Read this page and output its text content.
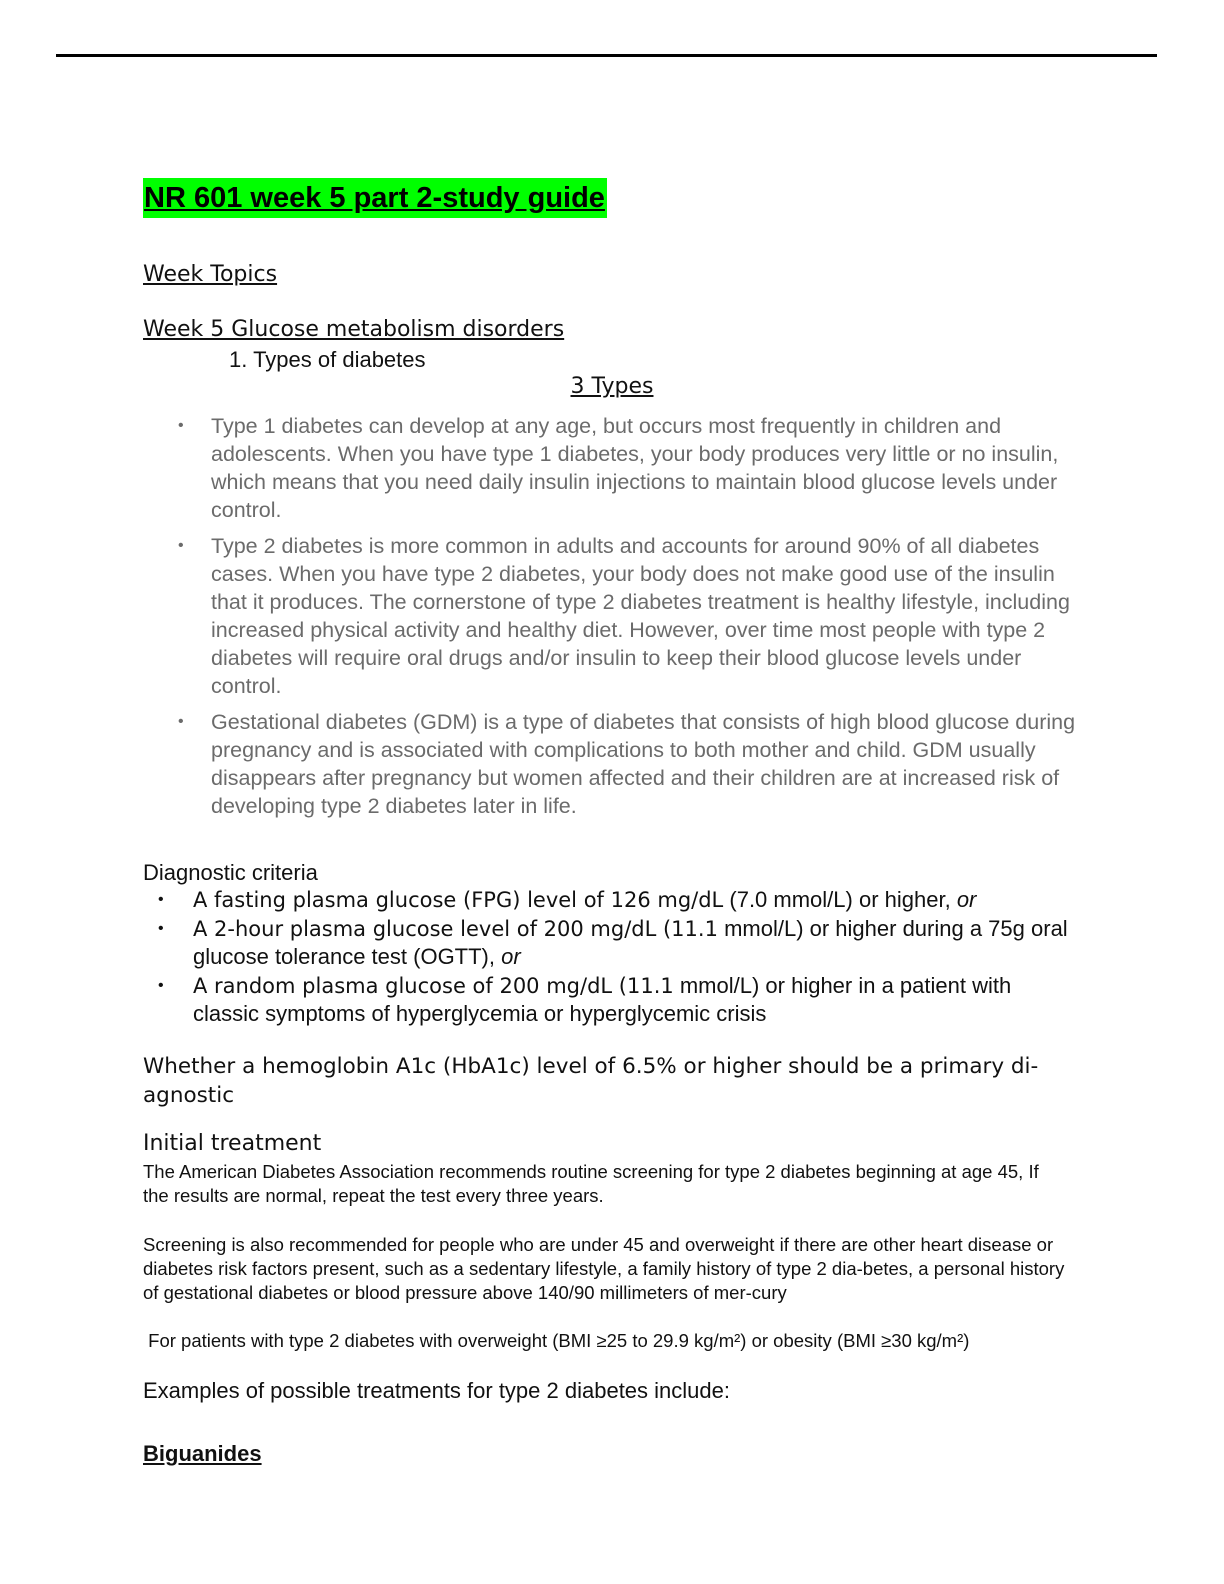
NR 601 week 5 part 2-study guide
Week Topics
Week 5 Glucose metabolism disorders
1. Types of diabetes
3 Types
• Type 1 diabetes can develop at any age, but occurs most frequently in children and adolescents. When you have type 1 diabetes, your body produces very little or no insulin, which means that you need daily insulin injections to maintain blood glucose levels under control.
• Type 2 diabetes is more common in adults and accounts for around 90% of all diabetes cases. When you have type 2 diabetes, your body does not make good use of the insulin that it produces. The cornerstone of type 2 diabetes treatment is healthy lifestyle, including increased physical activity and healthy diet. However, over time most people with type 2 diabetes will require oral drugs and/or insulin to keep their blood glucose levels under control.
• Gestational diabetes (GDM) is a type of diabetes that consists of high blood glucose during pregnancy and is associated with complications to both mother and child. GDM usually disappears after pregnancy but women affected and their children are at increased risk of developing type 2 diabetes later in life.
Diagnostic criteria
• A fasting plasma glucose (FPG) level of 126 mg/dL (7.0 mmol/L) or higher, or
• A 2-hour plasma glucose level of 200 mg/dL (11.1 mmol/L) or higher during a 75g oral glucose tolerance test (OGTT), or
• A random plasma glucose of 200 mg/dL (11.1 mmol/L) or higher in a patient with classic symptoms of hyperglycemia or hyperglycemic crisis
Whether a hemoglobin A1c (HbA1c) level of 6.5% or higher should be a primary di-agnostic
Initial treatment
The American Diabetes Association recommends routine screening for type 2 diabetes beginning at age 45, If the results are normal, repeat the test every three years.
Screening is also recommended for people who are under 45 and overweight if there are other heart disease or diabetes risk factors present, such as a sedentary lifestyle, a family history of type 2 dia-betes, a personal history of gestational diabetes or blood pressure above 140/90 millimeters of mer-cury
For patients with type 2 diabetes with overweight (BMI ≥25 to 29.9 kg/m²) or obesity (BMI ≥30 kg/m²)
Examples of possible treatments for type 2 diabetes include:
Biguanides
